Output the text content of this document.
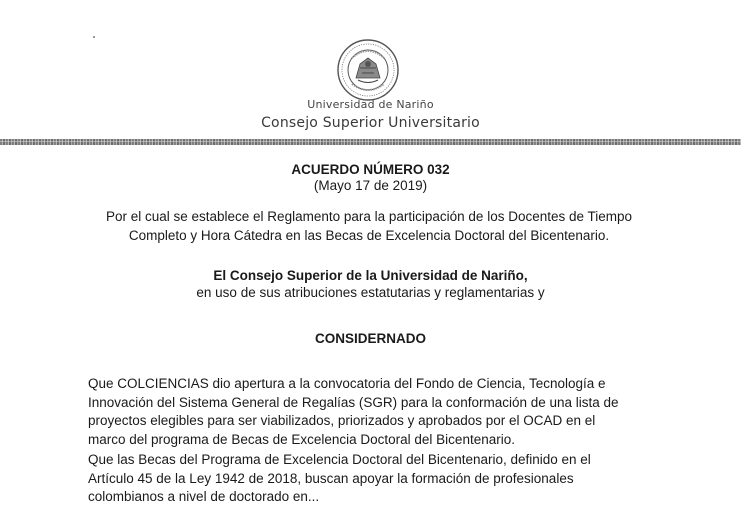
Universidad de Nariño
Consejo Superior Universitario
ACUERDO NÚMERO 032
(Mayo 17 de 2019)
Por el cual se establece el Reglamento para la participación de los Docentes de Tiempo
Completo y Hora Cátedra en las Becas de Excelencia Doctoral del Bicentenario.
El Consejo Superior de la Universidad de Nariño,
en uso de sus atribuciones estatutarias y reglamentarias y
CONSIDERNADO
Que COLCIENCIAS dio apertura a la convocatoria del Fondo de Ciencia, Tecnología e
Innovación del Sistema General de Regalías (SGR) para la conformación de una lista de
proyectos elegibles para ser viabilizados, priorizados y aprobados por el OCAD en el
marco del programa de Becas de Excelencia Doctoral del Bicentenario.
Que las Becas del Programa de Excelencia Doctoral del Bicentenario, definido en el
Artículo 45 de la Ley 1942 de 2018, buscan apoyar la formación de profesionales
colombianos a nivel de doctorado en...
